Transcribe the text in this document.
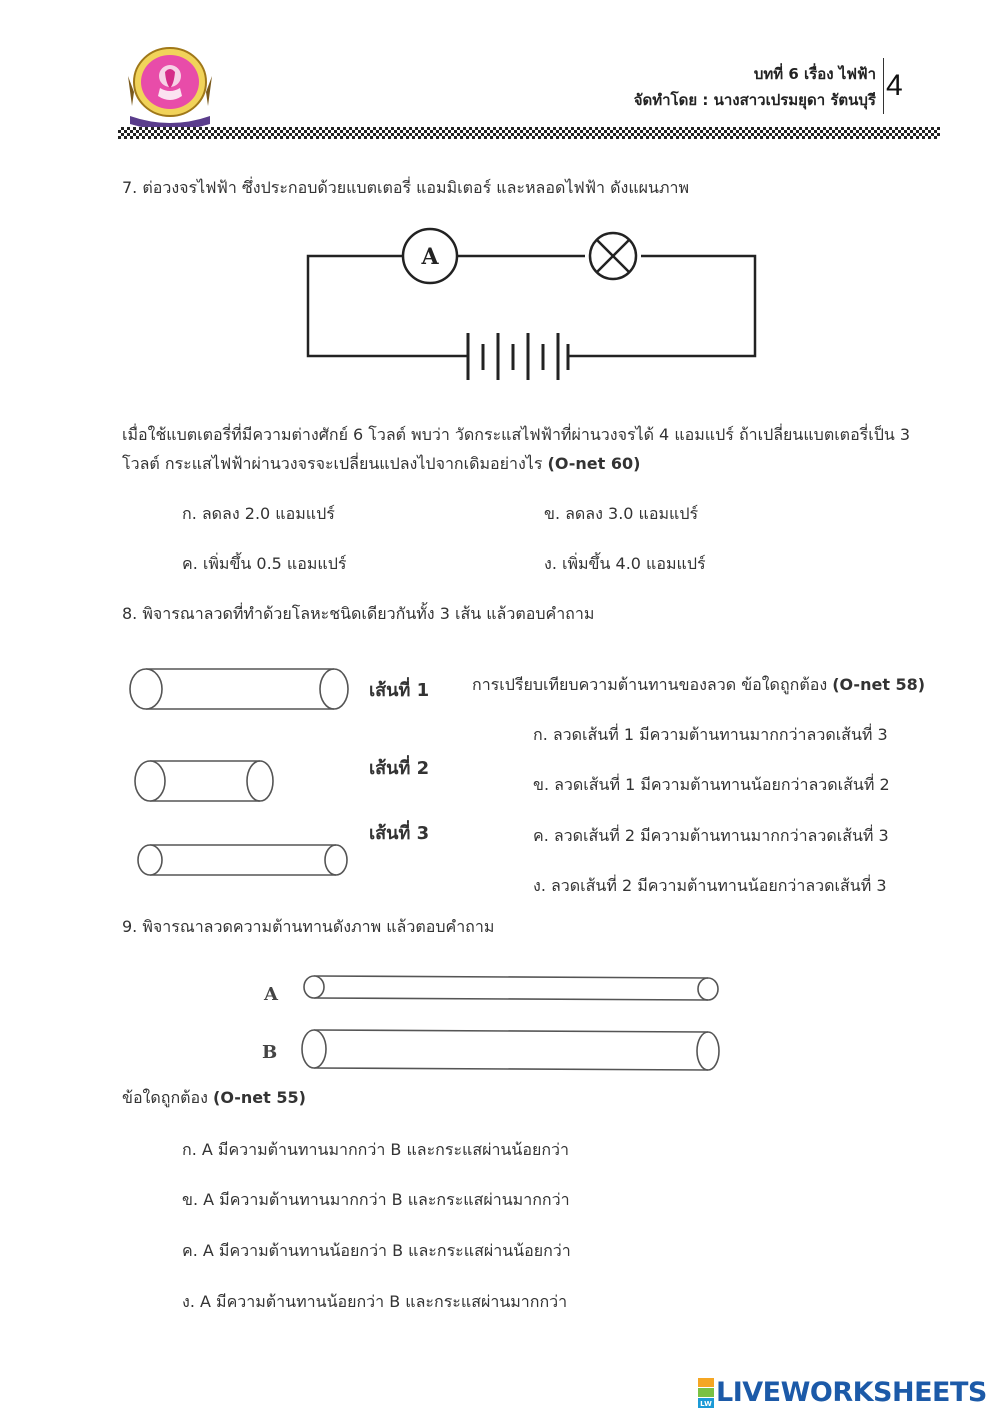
บทที่ 6 เรื่อง ไฟฟ้า
จัดทำโดย : นางสาวเปรมยุดา รัตนบุรี 4
7. ต่อวงจรไฟฟ้า ซึ่งประกอบด้วยแบตเตอรี่ แอมมิเตอร์ และหลอดไฟฟ้า ดังแผนภาพ
A
เมื่อใช้แบตเตอรี่ที่มีความต่างศักย์ 6 โวลต์ พบว่า วัดกระแสไฟฟ้าที่ผ่านวงจรได้ 4 แอมแปร์ ถ้าเปลี่ยนแบตเตอรี่เป็น 3
โวลต์ กระแสไฟฟ้าผ่านวงจรจะเปลี่ยนแปลงไปจากเดิมอย่างไร (O-net 60)
ก. ลดลง 2.0 แอมแปร์	ข. ลดลง 3.0 แอมแปร์
ค. เพิ่มขึ้น 0.5 แอมแปร์	ง. เพิ่มขึ้น 4.0 แอมแปร์
8. พิจารณาลวดที่ทำด้วยโลหะชนิดเดียวกันทั้ง 3 เส้น แล้วตอบคำถาม
เส้นที่ 1
เส้นที่ 2
เส้นที่ 3
การเปรียบเทียบความต้านทานของลวด ข้อใดถูกต้อง (O-net 58)
ก. ลวดเส้นที่ 1 มีความต้านทานมากกว่าลวดเส้นที่ 3
ข. ลวดเส้นที่ 1 มีความต้านทานน้อยกว่าลวดเส้นที่ 2
ค. ลวดเส้นที่ 2 มีความต้านทานมากกว่าลวดเส้นที่ 3
ง. ลวดเส้นที่ 2 มีความต้านทานน้อยกว่าลวดเส้นที่ 3
9. พิจารณาลวดความต้านทานดังภาพ แล้วตอบคำถาม
A
B
ข้อใดถูกต้อง (O-net 55)
ก. A มีความต้านทานมากกว่า B และกระแสผ่านน้อยกว่า
ข. A มีความต้านทานมากกว่า B และกระแสผ่านมากกว่า
ค. A มีความต้านทานน้อยกว่า B และกระแสผ่านน้อยกว่า
ง. A มีความต้านทานน้อยกว่า B และกระแสผ่านมากกว่า
LW LIVEWORKSHEETS
